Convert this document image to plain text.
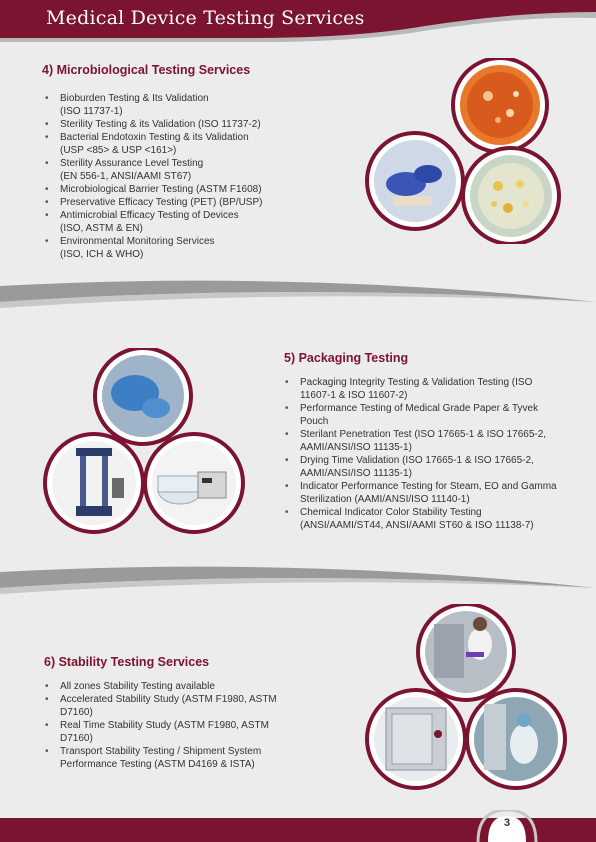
Medical Device Testing Services
4) Microbiological Testing Services
• Bioburden Testing & Its Validation
(ISO 11737-1)
• Sterility Testing & its Validation (ISO 11737-2)
• Bacterial Endotoxin Testing & its Validation
(USP <85> & USP <161>)
• Sterility Assurance Level Testing
(EN 556-1, ANSI/AAMI ST67)
• Microbiological Barrier Testing (ASTM F1608)
• Preservative Efficacy Testing (PET) (BP/USP)
• Antimicrobial Efficacy Testing of Devices
(ISO, ASTM & EN)
• Environmental Monitoring Services
(ISO, ICH & WHO)
5) Packaging Testing
• Packaging Integrity Testing & Validation Testing (ISO 11607-1 & ISO 11607-2)
• Performance Testing of Medical Grade Paper & Tyvek Pouch
• Sterilant Penetration Test (ISO 17665-1 & ISO 17665-2, AAMI/ANSI/ISO 11135-1)
• Drying Time Validation (ISO 17665-1 & ISO 17665-2, AAMI/ANSI/ISO 11135-1)
• Indicator Performance Testing for Steam, EO and Gamma Sterilization (AAMI/ANSI/ISO 11140-1)
• Chemical Indicator Color Stability Testing (ANSI/AAMI/ST44, ANSI/AAMI ST60 & ISO 11138-7)
6) Stability Testing Services
• All zones Stability Testing available
• Accelerated Stability Study (ASTM F1980, ASTM D7160)
• Real Time Stability Study (ASTM F1980, ASTM D7160)
• Transport Stability Testing / Shipment System Performance Testing (ASTM D4169 & ISTA)
3
